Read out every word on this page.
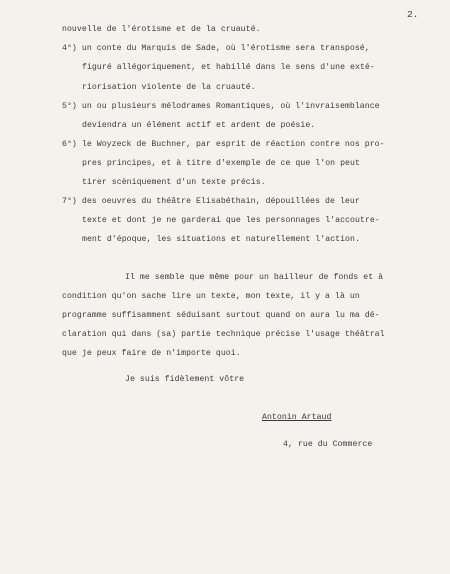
2.
nouvelle de l'érotisme et de la cruauté.
4°) un conte du Marquis de Sade, où l'érotisme sera transposé,
figuré allégoriquement, et habillé dans le sens d'une exté-
riorisation violente de la cruauté.
5°) un ou plusieurs mélodrames Romantiques, où l'invraisemblance
deviendra un élément actif et ardent de poésie.
6°) le Woyzeck de Buchner, par esprit de réaction contre nos pro-
pres principes, et à titre d'exemple de ce que l'on peut
tirer scèniquement d'un texte précis.
7°) des oeuvres du théâtre Elisabéthain, dépouillées de leur
texte et dont je ne garderai que les personnages l'accoutre-
ment d'époque, les situations et naturellement l'action.
Il me semble que même pour un bailleur de fonds et à
condition qu'on sache lire un texte, mon texte, il y a là un
programme suffisamment séduisant surtout quand on aura lu ma dé-
claration qui dans (sa) partie technique précise l'usage théâtral
que je peux faire de n'importe quoi.
Je suis fidèlement vôtre
Antonin Artaud
4, rue du Commerce
